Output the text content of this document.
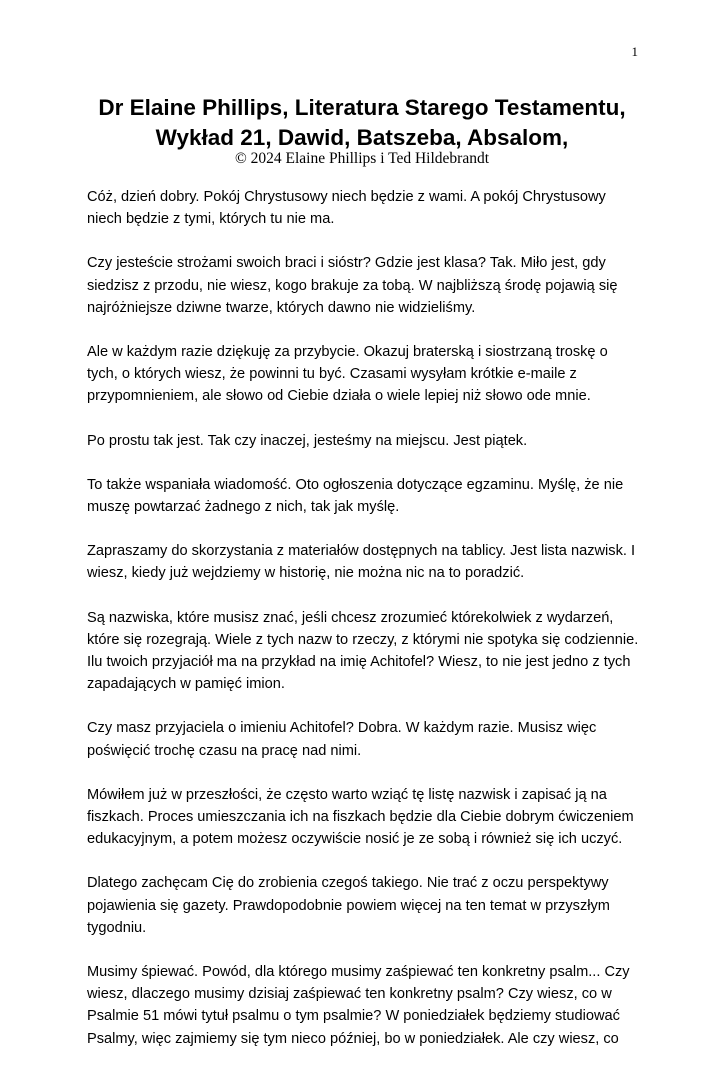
1
Dr Elaine Phillips, Literatura Starego Testamentu,
Wykład 21, Dawid, Batszeba, Absalom,
© 2024 Elaine Phillips i Ted Hildebrandt

Cóż, dzień dobry. Pokój Chrystusowy niech będzie z wami. A pokój Chrystusowy niech będzie z tymi, których tu nie ma.

Czy jesteście strożami swoich braci i sióstr? Gdzie jest klasa? Tak. Miło jest, gdy siedzisz z przodu, nie wiesz, kogo brakuje za tobą. W najbliższą środę pojawią się najróżniejsze dziwne twarze, których dawno nie widzieliśmy.

Ale w każdym razie dziękuję za przybycie. Okazuj braterską i siostrzaną troskę o tych, o których wiesz, że powinni tu być. Czasami wysyłam krótkie e-maile z przypomnieniem, ale słowo od Ciebie działa o wiele lepiej niż słowo ode mnie.

Po prostu tak jest. Tak czy inaczej, jesteśmy na miejscu. Jest piątek.

To także wspaniała wiadomość. Oto ogłoszenia dotyczące egzaminu. Myślę, że nie muszę powtarzać żadnego z nich, tak jak myślę.

Zapraszamy do skorzystania z materiałów dostępnych na tablicy. Jest lista nazwisk. I wiesz, kiedy już wejdziemy w historię, nie można nic na to poradzić.

Są nazwiska, które musisz znać, jeśli chcesz zrozumieć którekolwiek z wydarzeń, które się rozegrają. Wiele z tych nazw to rzeczy, z którymi nie spotyka się codziennie. Ilu twoich przyjaciół ma na przykład na imię Achitofel? Wiesz, to nie jest jedno z tych zapadających w pamięć imion.

Czy masz przyjaciela o imieniu Achitofel? Dobra. W każdym razie. Musisz więc poświęcić trochę czasu na pracę nad nimi.

Mówiłem już w przeszłości, że często warto wziąć tę listę nazwisk i zapisać ją na fiszkach. Proces umieszczania ich na fiszkach będzie dla Ciebie dobrym ćwiczeniem edukacyjnym, a potem możesz oczywiście nosić je ze sobą i również się ich uczyć.

Dlatego zachęcam Cię do zrobienia czegoś takiego. Nie trać z oczu perspektywy pojawienia się gazety. Prawdopodobnie powiem więcej na ten temat w przyszłym tygodniu.

Musimy śpiewać. Powód, dla którego musimy zaśpiewać ten konkretny psalm... Czy wiesz, dlaczego musimy dzisiaj zaśpiewać ten konkretny psalm? Czy wiesz, co w Psalmie 51 mówi tytuł psalmu o tym psalmie? W poniedziałek będziemy studiować Psalmy, więc zajmiemy się tym nieco później, bo w poniedziałek. Ale czy wiesz, co
